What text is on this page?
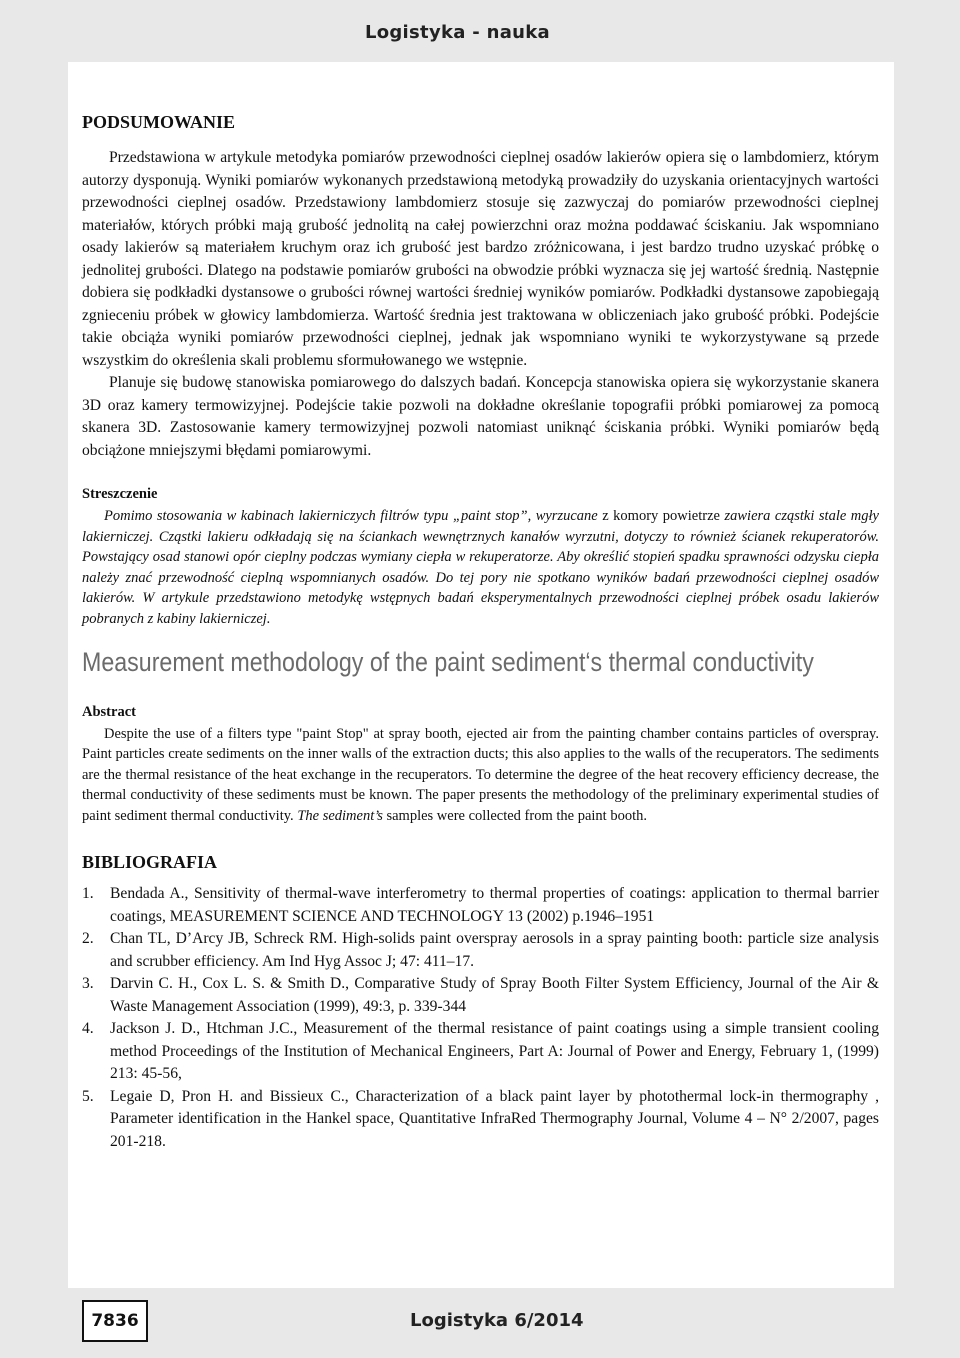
Logistyka - nauka
PODSUMOWANIE

Przedstawiona w artykule metodyka pomiarów przewodności cieplnej osadów lakierów opiera się o lambdomierz, którym autorzy dysponują. Wyniki pomiarów wykonanych przedstawioną metodyką prowadziły do uzyskania orientacyjnych wartości przewodności cieplnej osadów. Przedstawiony lambdomierz stosuje się zazwyczaj do pomiarów przewodności cieplnej materiałów, których próbki mają grubość jednolitą na całej powierzchni oraz można poddawać ściskaniu. Jak wspomniano osady lakierów są materiałem kruchym oraz ich grubość jest bardzo zróżnicowana, i jest bardzo trudno uzyskać próbkę o jednolitej grubości. Dlatego na podstawie pomiarów grubości na obwodzie próbki wyznacza się jej wartość średnią. Następnie dobiera się podkładki dystansowe o grubości równej wartości średniej wyników pomiarów. Podkładki dystansowe zapobiegają zgnieceniu próbek w głowicy lambdomierza. Wartość średnia jest traktowana w obliczeniach jako grubość próbki. Podejście takie obciąża wyniki pomiarów przewodności cieplnej, jednak jak wspomniano wyniki te wykorzystywane są przede wszystkim do określenia skali problemu sformułowanego we wstępnie.

Planuje się budowę stanowiska pomiarowego do dalszych badań. Koncepcja stanowiska opiera się wykorzystanie skanera 3D oraz kamery termowizyjnej. Podejście takie pozwoli na dokładne określanie topografii próbki pomiarowej za pomocą skanera 3D. Zastosowanie kamery termowizyjnej pozwoli natomiast uniknąć ściskania próbki. Wyniki pomiarów będą obciążone mniejszymi błędami pomiarowymi.

Streszczenie

Pomimo stosowania w kabinach lakierniczych filtrów typu „paint stop”, wyrzucane z komory powietrze zawiera cząstki stale mgły lakierniczej. Cząstki lakieru odkładają się na ściankach wewnętrznych kanałów wyrzutni, dotyczy to również ścianek rekuperatorów. Powstający osad stanowi opór cieplny podczas wymiany ciepła w rekuperatorze. Aby określić stopień spadku sprawności odzysku ciepła należy znać przewodność cieplną wspomnianych osadów. Do tej pory nie spotkano wyników badań przewodności cieplnej osadów lakierów. W artykule przedstawiono metodykę wstępnych badań eksperymentalnych przewodności cieplnej próbek osadu lakierów pobranych z kabiny lakierniczej.

Measurement methodology of the paint sediment‘s thermal conductivity
Abstract

Despite the use of a filters type "paint Stop" at spray booth, ejected air from the painting chamber contains particles of overspray. Paint particles create sediments on the inner walls of the extraction ducts; this also applies to the walls of the recuperators. The sediments are the thermal resistance of the heat exchange in the recuperators. To determine the degree of the heat recovery efficiency decrease, the thermal conductivity of these sediments must be known. The paper presents the methodology of the preliminary experimental studies of paint sediment thermal conductivity. The sediment’s samples were collected from the paint booth.

BIBLIOGRAFIA
1. Bendada A., Sensitivity of thermal-wave interferometry to thermal properties of coatings: application to thermal barrier coatings, MEASUREMENT SCIENCE AND TECHNOLOGY 13 (2002) p.1946–1951
2. Chan TL, D’Arcy JB, Schreck RM. High-solids paint overspray aerosols in a spray painting booth: particle size analysis and scrubber efficiency. Am Ind Hyg Assoc J; 47: 411–17.
3. Darvin C. H., Cox L. S. & Smith D., Comparative Study of Spray Booth Filter System Efficiency, Journal of the Air & Waste Management Association (1999), 49:3, p. 339-344
4. Jackson J. D., Htchman J.C., Measurement of the thermal resistance of paint coatings using a simple transient cooling method Proceedings of the Institution of Mechanical Engineers, Part A: Journal of Power and Energy, February 1, (1999) 213: 45-56,
5. Legaie D, Pron H. and Bissieux C., Characterization of a black paint layer by photothermal lock-in thermography , Parameter identification in the Hankel space, Quantitative InfraRed Thermography Journal, Volume 4 – N° 2/2007, pages 201-218.
7836	Logistyka 6/2014
